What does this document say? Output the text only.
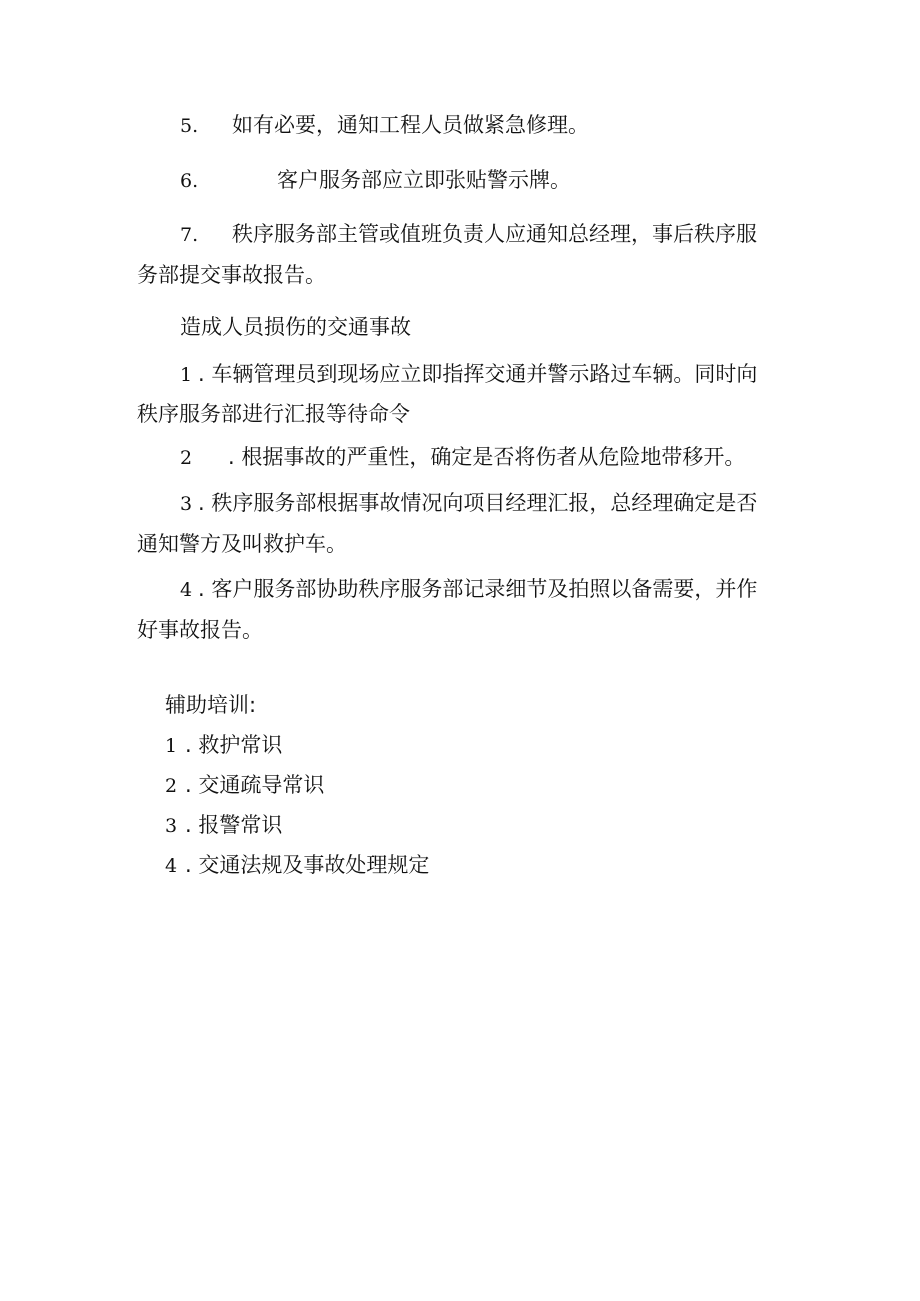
5. 如有必要，通知工程人员做紧急修理。
6.	客户服务部应立即张贴警示牌。
7. 秩序服务部主管或值班负责人应通知总经理，事后秩序服
务部提交事故报告。
造成人员损伤的交通事故
1 . 车辆管理员到现场应立即指挥交通并警示路过车辆。同时向
秩序服务部进行汇报等待命令
2 . 根据事故的严重性，确定是否将伤者从危险地带移开。
3 . 秩序服务部根据事故情况向项目经理汇报，总经理确定是否
通知警方及叫救护车。
4 . 客户服务部协助秩序服务部记录细节及拍照以备需要，并作
好事故报告。
辅助培训:
1 . 救护常识
2 . 交通疏导常识
3 . 报警常识
4 . 交通法规及事故处理规定
